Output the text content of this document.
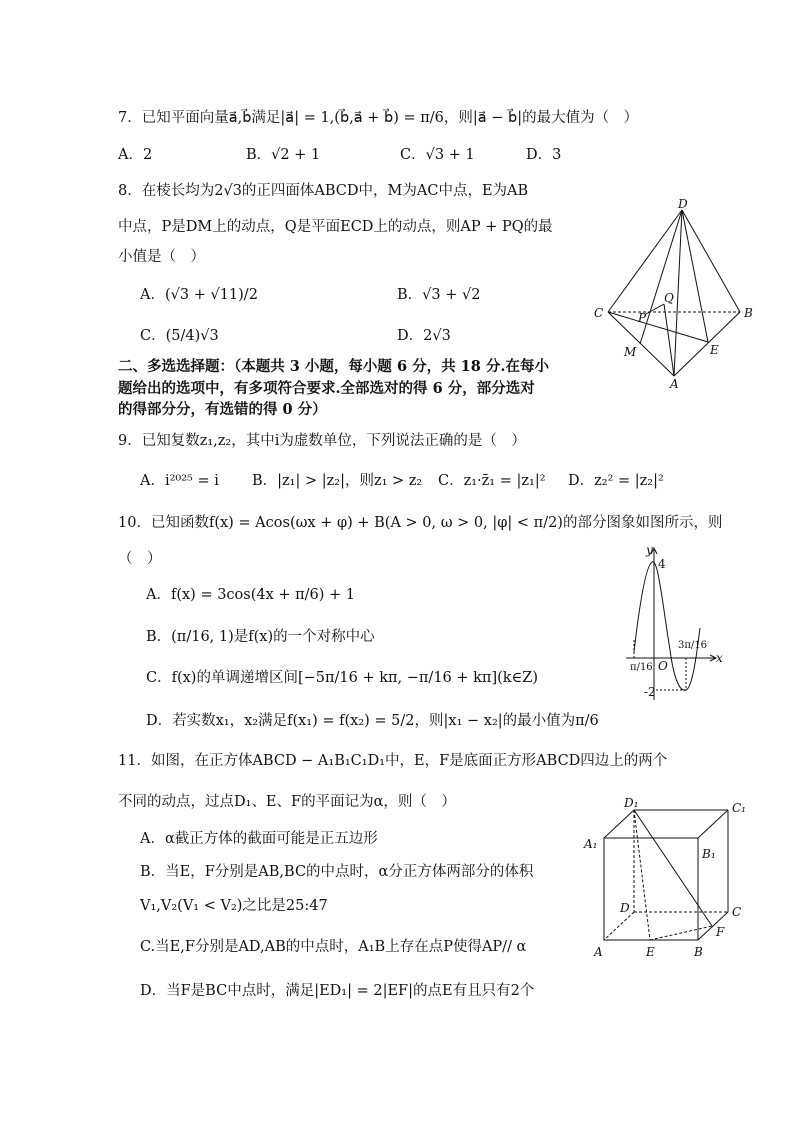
7．已知平面向量a⃗,b⃗满足|a⃗| = 1,(b⃗,a⃗ + b⃗) = π/6，则|a⃗ − b⃗|的最大值为（　）
A．2	B．√2 + 1	C．√3 + 1	D．3
8．在棱长均为2√3的正四面体ABCD中，M为AC中点，E为AB
中点，P是DM上的动点，Q是平面ECD上的动点，则AP + PQ的最
小值是（　）
A．(√3 + √11)/2	B．√3 + √2
C．(5/4)√3	D．2√3
D
C	B
Q
P
M	E
A
二、多选选择题：（本题共 3 小题，每小题 6 分，共 18 分.在每小
题给出的选项中，有多项符合要求.全部选对的得 6 分，部分选对
的得部分分，有选错的得 0 分）
9．已知复数z₁,z₂，其中i为虚数单位，下列说法正确的是（　）
A．i²⁰²⁵ = i B．|z₁| > |z₂|，则z₁ > z₂ C．z₁·z̄₁ = |z₁|² D．z₂² = |z₂|²
10．已知函数f(x) = Acos(ωx + φ) + B(A > 0, ω > 0, |φ| < π/2)的部分图象如图所示，则
（　）
A．f(x) = 3cos(4x + π/6) + 1
B．(π/16, 1)是f(x)的一个对称中心
C．f(x)的单调递增区间[−5π/16 + kπ, −π/16 + kπ](k∈Z)
D．若实数x₁，x₂满足f(x₁) = f(x₂) = 5/2，则|x₁ − x₂|的最小值为π/6
y
x
O
4
-2
π/16
3π/16
11．如图，在正方体ABCD − A₁B₁C₁D₁中，E，F是底面正方形ABCD四边上的两个
不同的动点，过点D₁、E、F的平面记为α，则（　）
A．α截正方体的截面可能是正五边形
B．当E，F分别是AB,BC的中点时，α分正方体两部分的体积
V₁,V₂(V₁ < V₂)之比是25:47
C.当E,F分别是AD,AB的中点时，A₁B上存在点P使得AP// α
D．当F是BC中点时，满足|ED₁| = 2|EF|的点E有且只有2个
D₁	C₁
A₁
B₁
D	C
F
A	E	B
